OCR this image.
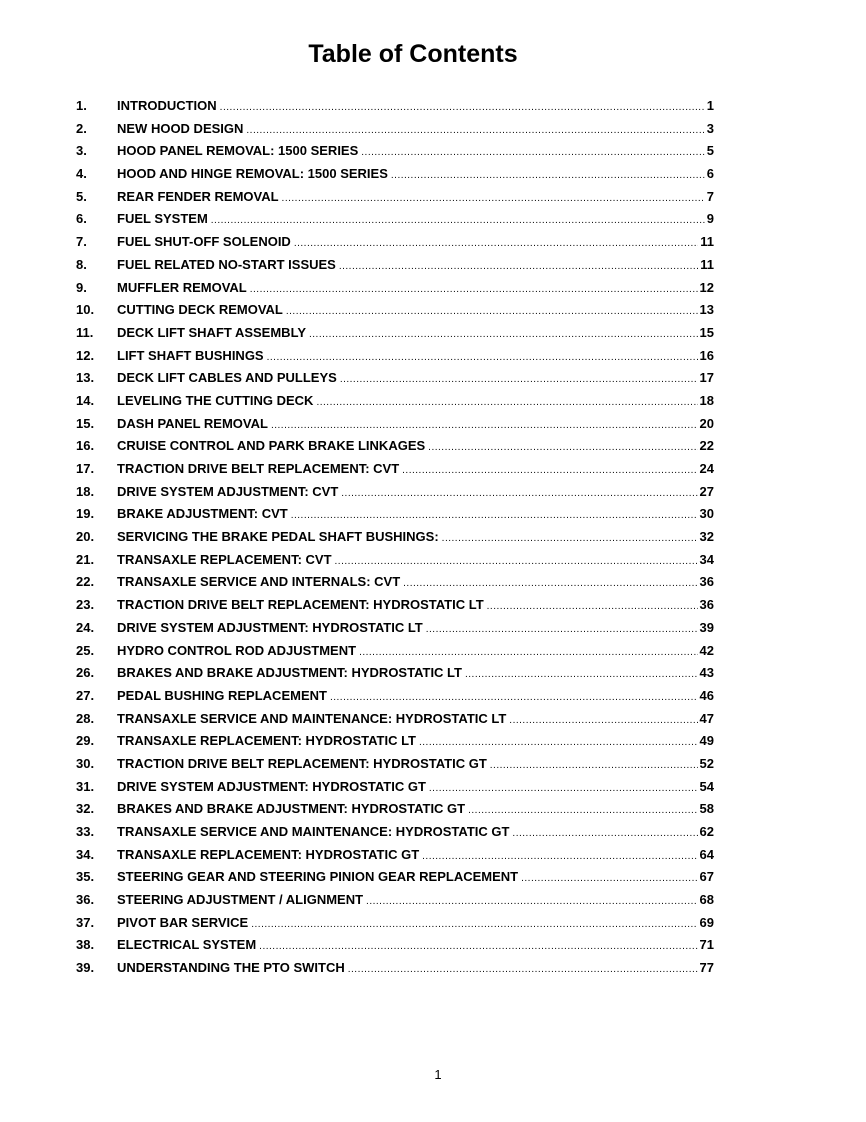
Table of Contents
1.	INTRODUCTION .....	1
2.	NEW HOOD DESIGN .....	3
3.	HOOD PANEL REMOVAL: 1500 SERIES .....	5
4.	HOOD AND HINGE REMOVAL: 1500 SERIES .....	6
5.	REAR FENDER REMOVAL .....	7
6.	FUEL SYSTEM .....	9
7.	FUEL SHUT-OFF SOLENOID .....	11
8.	FUEL RELATED NO-START ISSUES .....	11
9.	MUFFLER REMOVAL .....	12
10.	CUTTING DECK REMOVAL .....	13
11.	DECK LIFT SHAFT ASSEMBLY .....	15
12.	LIFT SHAFT BUSHINGS .....	16
13.	DECK LIFT CABLES AND PULLEYS .....	17
14.	LEVELING THE CUTTING DECK .....	18
15.	DASH PANEL REMOVAL .....	20
16.	CRUISE CONTROL AND PARK BRAKE LINKAGES .....	22
17.	TRACTION DRIVE BELT REPLACEMENT: CVT .....	24
18.	DRIVE SYSTEM ADJUSTMENT: CVT .....	27
19.	BRAKE ADJUSTMENT: CVT .....	30
20.	SERVICING THE BRAKE PEDAL SHAFT BUSHINGS: .....	32
21.	TRANSAXLE REPLACEMENT: CVT .....	34
22.	TRANSAXLE SERVICE AND INTERNALS: CVT .....	36
23.	TRACTION DRIVE BELT REPLACEMENT: HYDROSTATIC LT .....	36
24.	DRIVE SYSTEM ADJUSTMENT: HYDROSTATIC LT .....	39
25.	HYDRO CONTROL ROD ADJUSTMENT .....	42
26.	BRAKES AND BRAKE ADJUSTMENT: HYDROSTATIC LT .....	43
27.	PEDAL BUSHING REPLACEMENT .....	46
28.	TRANSAXLE SERVICE AND MAINTENANCE: HYDROSTATIC LT .....	47
29.	TRANSAXLE REPLACEMENT: HYDROSTATIC LT .....	49
30.	TRACTION DRIVE BELT REPLACEMENT: HYDROSTATIC GT .....	52
31.	DRIVE SYSTEM ADJUSTMENT: HYDROSTATIC GT .....	54
32.	BRAKES AND BRAKE ADJUSTMENT: HYDROSTATIC GT .....	58
33.	TRANSAXLE SERVICE AND MAINTENANCE: HYDROSTATIC GT .....	62
34.	TRANSAXLE REPLACEMENT: HYDROSTATIC GT .....	64
35.	STEERING GEAR AND STEERING PINION GEAR REPLACEMENT .....	67
36.	STEERING ADJUSTMENT / ALIGNMENT .....	68
37.	PIVOT BAR SERVICE .....	69
38.	ELECTRICAL SYSTEM .....	71
39.	UNDERSTANDING THE PTO SWITCH .....	77
1
